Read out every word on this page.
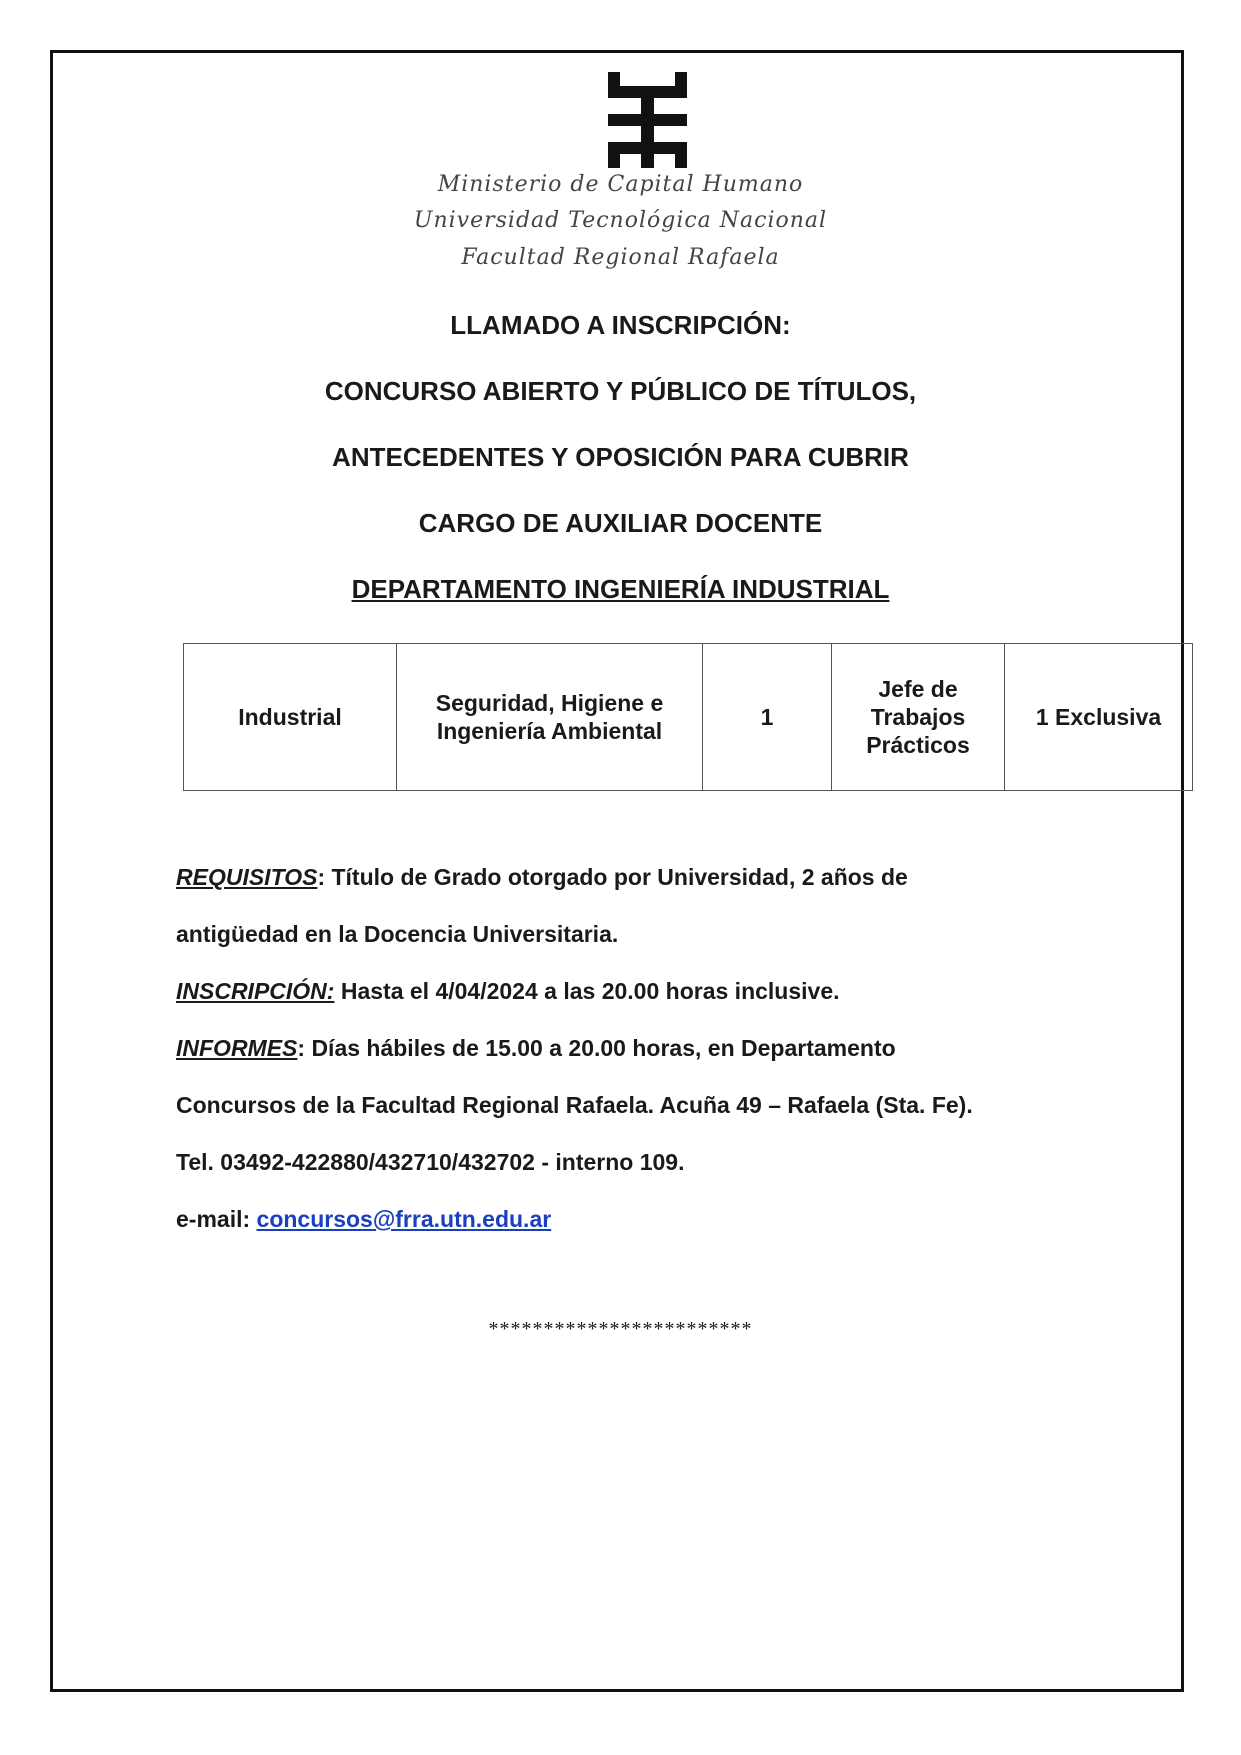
Ministerio de Capital Humano
Universidad Tecnológica Nacional
Facultad Regional Rafaela
LLAMADO A INSCRIPCIÓN:
CONCURSO ABIERTO Y PÚBLICO DE TÍTULOS,
ANTECEDENTES Y OPOSICIÓN PARA CUBRIR
CARGO DE AUXILIAR DOCENTE
DEPARTAMENTO INGENIERÍA INDUSTRIAL
Industrial	Seguridad, Higiene e Ingeniería Ambiental	1	Jefe de Trabajos Prácticos	1 Exclusiva
REQUISITOS: Título de Grado otorgado por Universidad, 2 años de
antigüedad en la Docencia Universitaria.
INSCRIPCIÓN: Hasta el 4/04/2024 a las 20.00 horas inclusive.
INFORMES: Días hábiles de 15.00 a 20.00 horas, en Departamento
Concursos de la Facultad Regional Rafaela. Acuña 49 – Rafaela (Sta. Fe).
Tel. 03492-422880/432710/432702 - interno 109.
e-mail: concursos@frra.utn.edu.ar
************************
